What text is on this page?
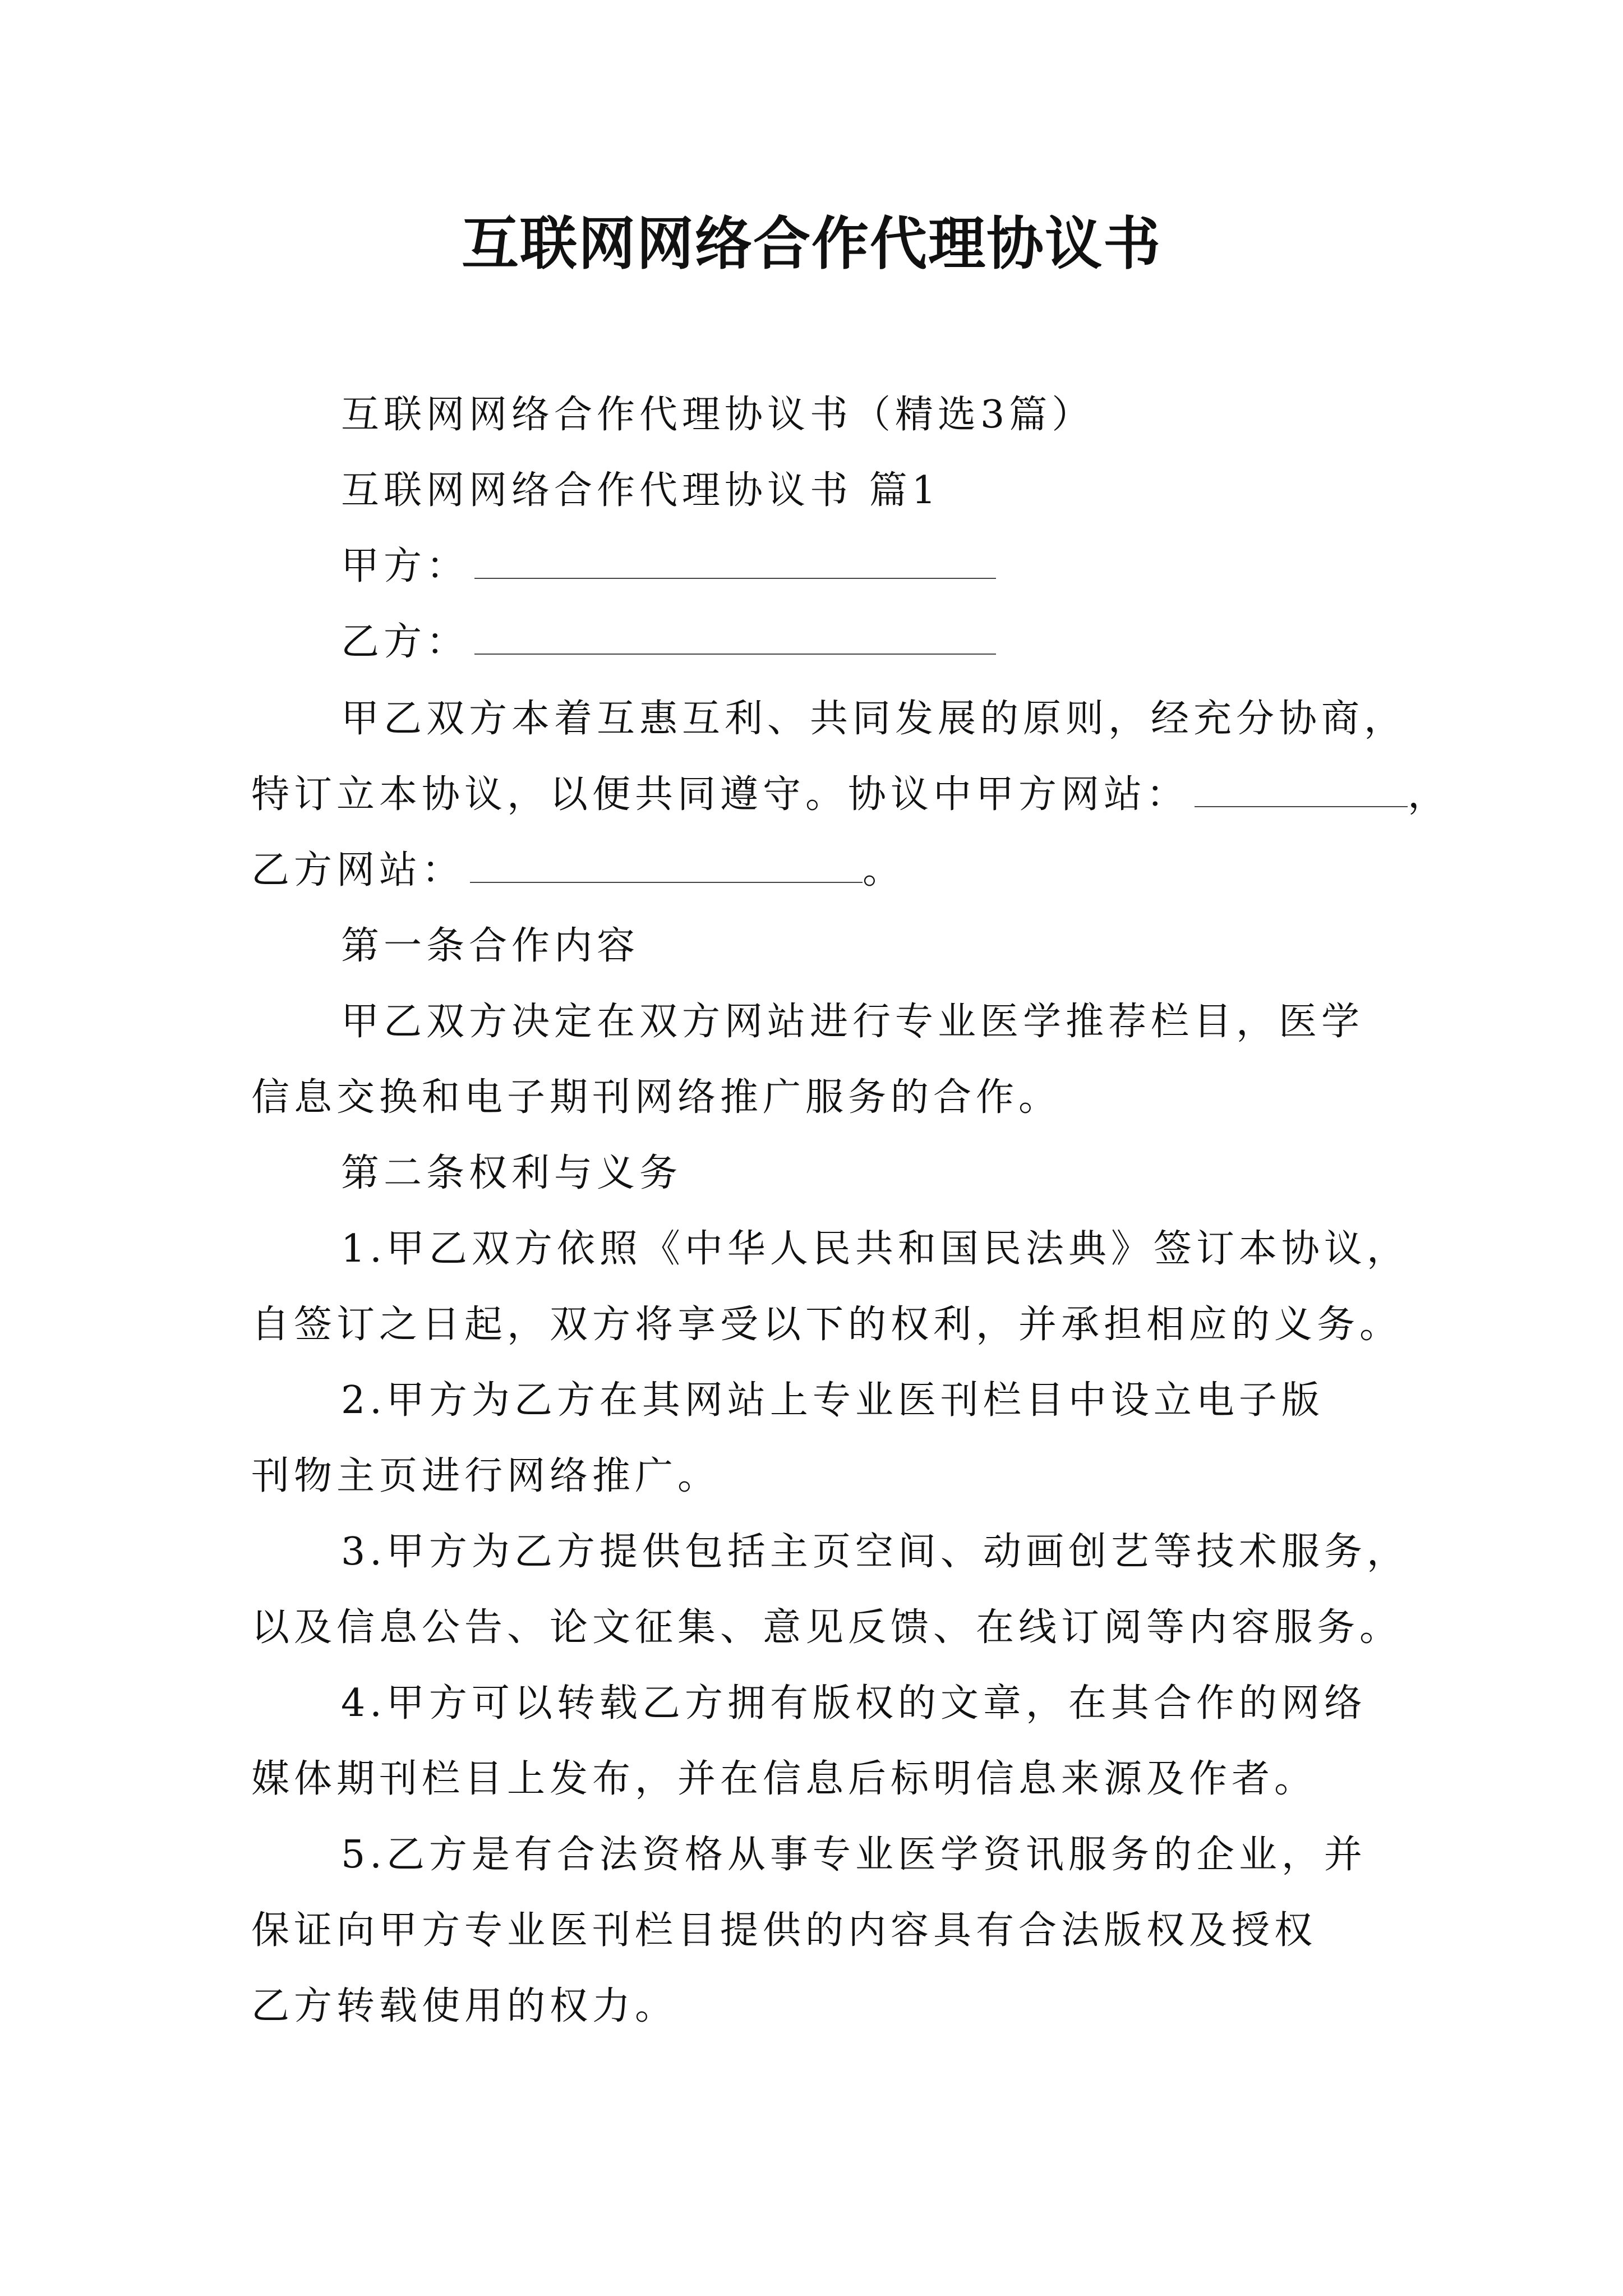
互联网网络合作代理协议书
互联网网络合作代理协议书（精选3篇）
互联网网络合作代理协议书 篇1
甲方：
乙方：
甲乙双方本着互惠互利、共同发展的原则，经充分协商，
特订立本协议，以便共同遵守。协议中甲方网站：	，
乙方网站：	。
第一条合作内容
甲乙双方决定在双方网站进行专业医学推荐栏目，医学
信息交换和电子期刊网络推广服务的合作。
第二条权利与义务
1.甲乙双方依照《中华人民共和国民法典》签订本协议，
自签订之日起，双方将享受以下的权利，并承担相应的义务。
2.甲方为乙方在其网站上专业医刊栏目中设立电子版
刊物主页进行网络推广。
3.甲方为乙方提供包括主页空间、动画创艺等技术服务，
以及信息公告、论文征集、意见反馈、在线订阅等内容服务。
4.甲方可以转载乙方拥有版权的文章，在其合作的网络
媒体期刊栏目上发布，并在信息后标明信息来源及作者。
5.乙方是有合法资格从事专业医学资讯服务的企业，并
保证向甲方专业医刊栏目提供的内容具有合法版权及授权
乙方转载使用的权力。
